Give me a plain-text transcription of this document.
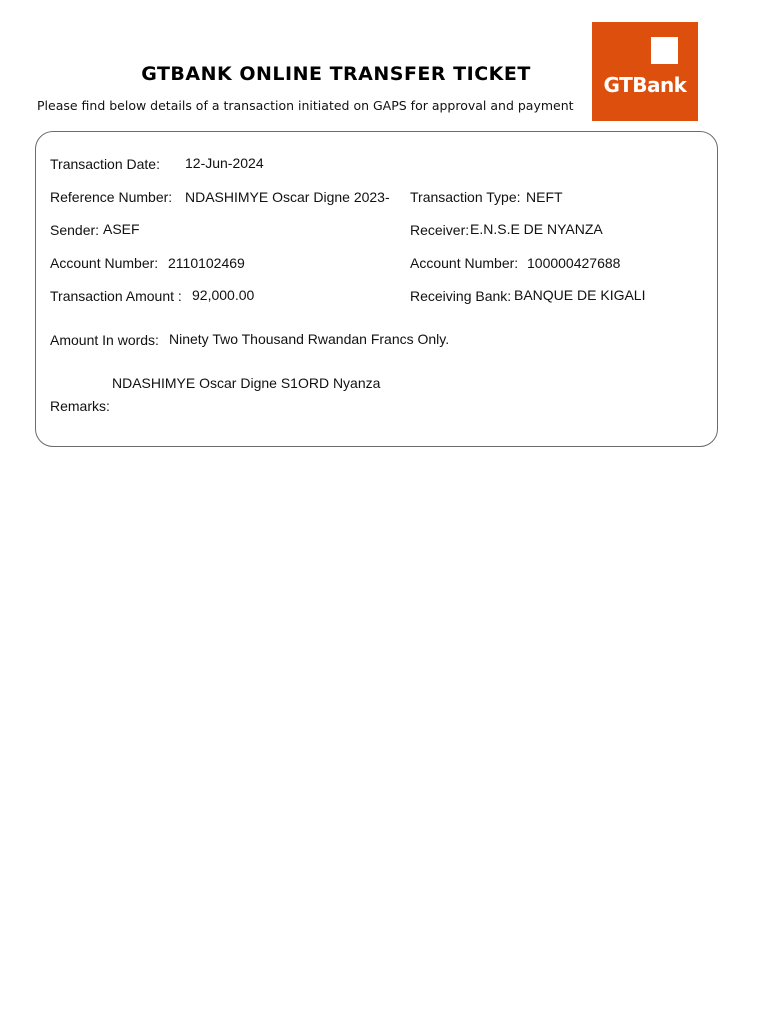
GTBANK ONLINE TRANSFER TICKET
Please find below details of a transaction initiated on GAPS for approval and payment
GTBank
Transaction Date: 12-Jun-2024
Reference Number: NDASHIMYE Oscar Digne 2023- Transaction Type: NEFT
Sender: ASEF	Receiver: E.N.S.E DE NYANZA
Account Number: 2110102469	Account Number: 100000427688
Transaction Amount : 92,000.00	Receiving Bank: BANQUE DE KIGALI
Amount In words: Ninety Two Thousand Rwandan Francs Only.
NDASHIMYE Oscar Digne S1ORD Nyanza
Remarks:
